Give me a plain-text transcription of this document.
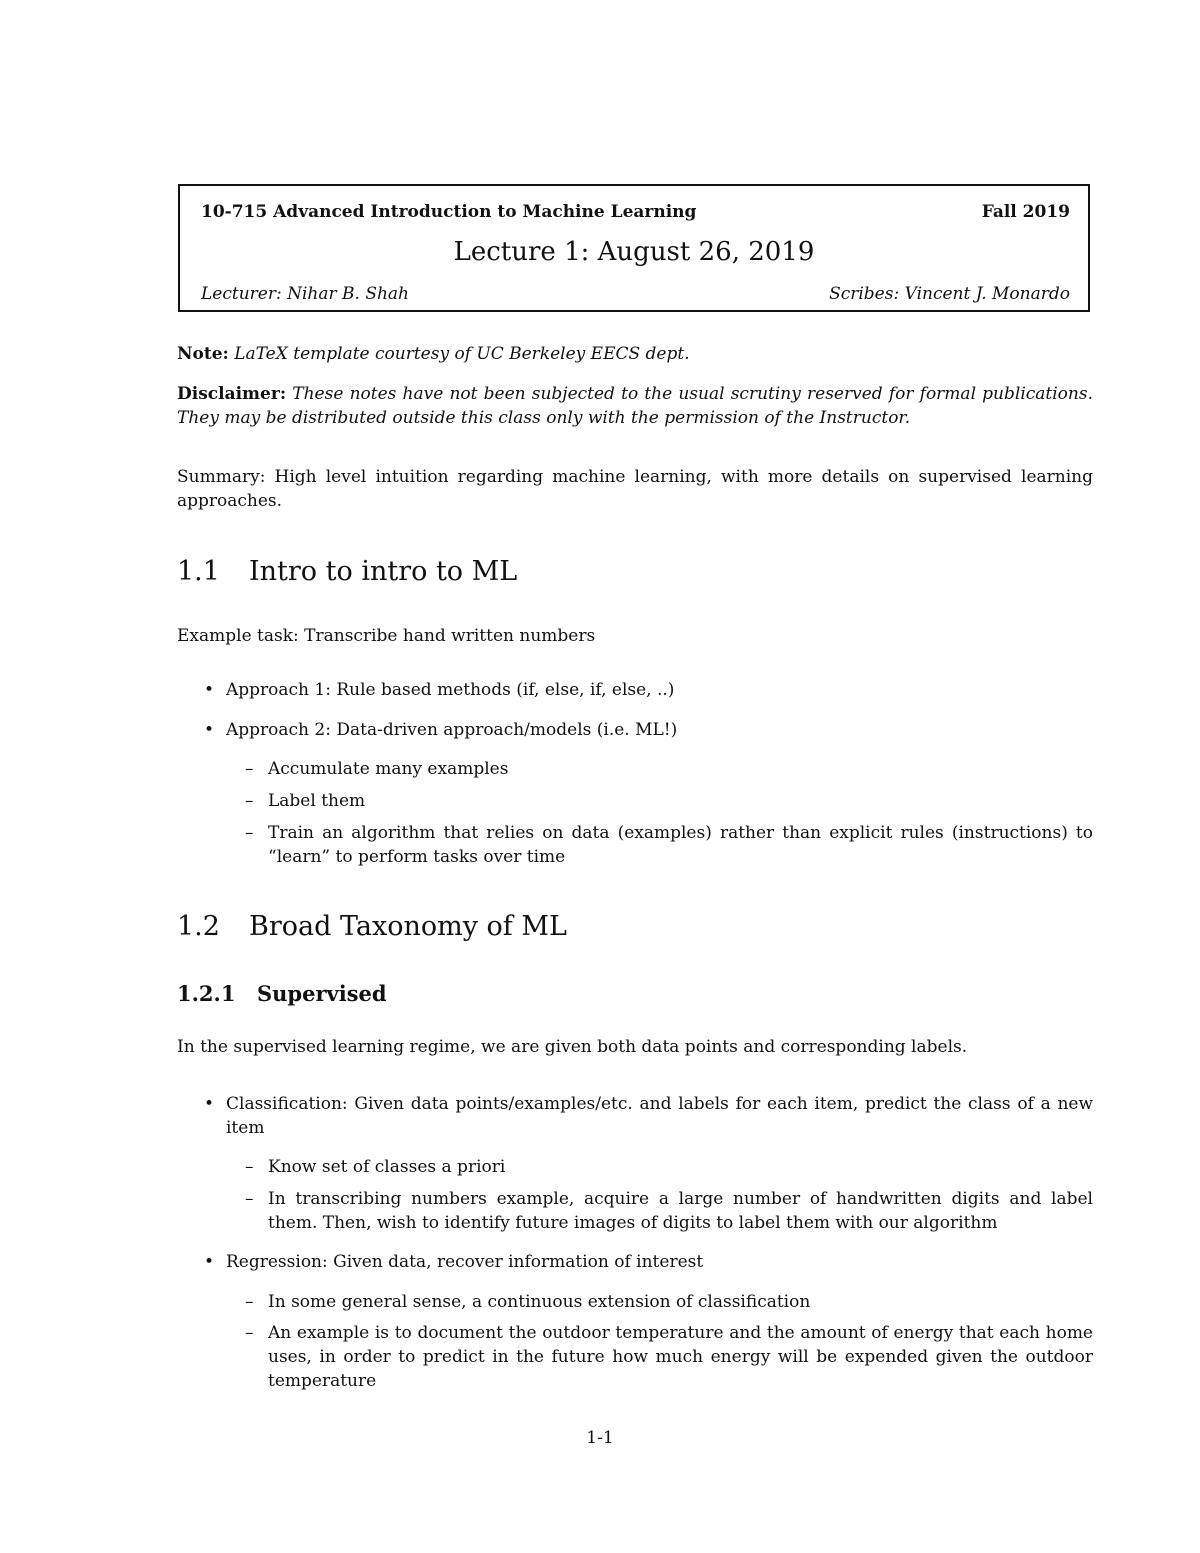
10-715 Advanced Introduction to Machine Learning	Fall 2019
Lecture 1: August 26, 2019
Lecturer: Nihar B. Shah	Scribes: Vincent J. Monardo
Note: LaTeX template courtesy of UC Berkeley EECS dept.
Disclaimer: These notes have not been subjected to the usual scrutiny reserved for formal publications. They may be distributed outside this class only with the permission of the Instructor.
Summary: High level intuition regarding machine learning, with more details on supervised learning approaches.
1.1 Intro to intro to ML
Example task: Transcribe hand written numbers
• Approach 1: Rule based methods (if, else, if, else, ..)
• Approach 2: Data-driven approach/models (i.e. ML!)
– Accumulate many examples
– Label them
– Train an algorithm that relies on data (examples) rather than explicit rules (instructions) to “learn” to perform tasks over time
1.2 Broad Taxonomy of ML
1.2.1 Supervised
In the supervised learning regime, we are given both data points and corresponding labels.
• Classification: Given data points/examples/etc. and labels for each item, predict the class of a new item
– Know set of classes a priori
– In transcribing numbers example, acquire a large number of handwritten digits and label them. Then, wish to identify future images of digits to label them with our algorithm
• Regression: Given data, recover information of interest
– In some general sense, a continuous extension of classification
– An example is to document the outdoor temperature and the amount of energy that each home uses, in order to predict in the future how much energy will be expended given the outdoor temperature
1-1
